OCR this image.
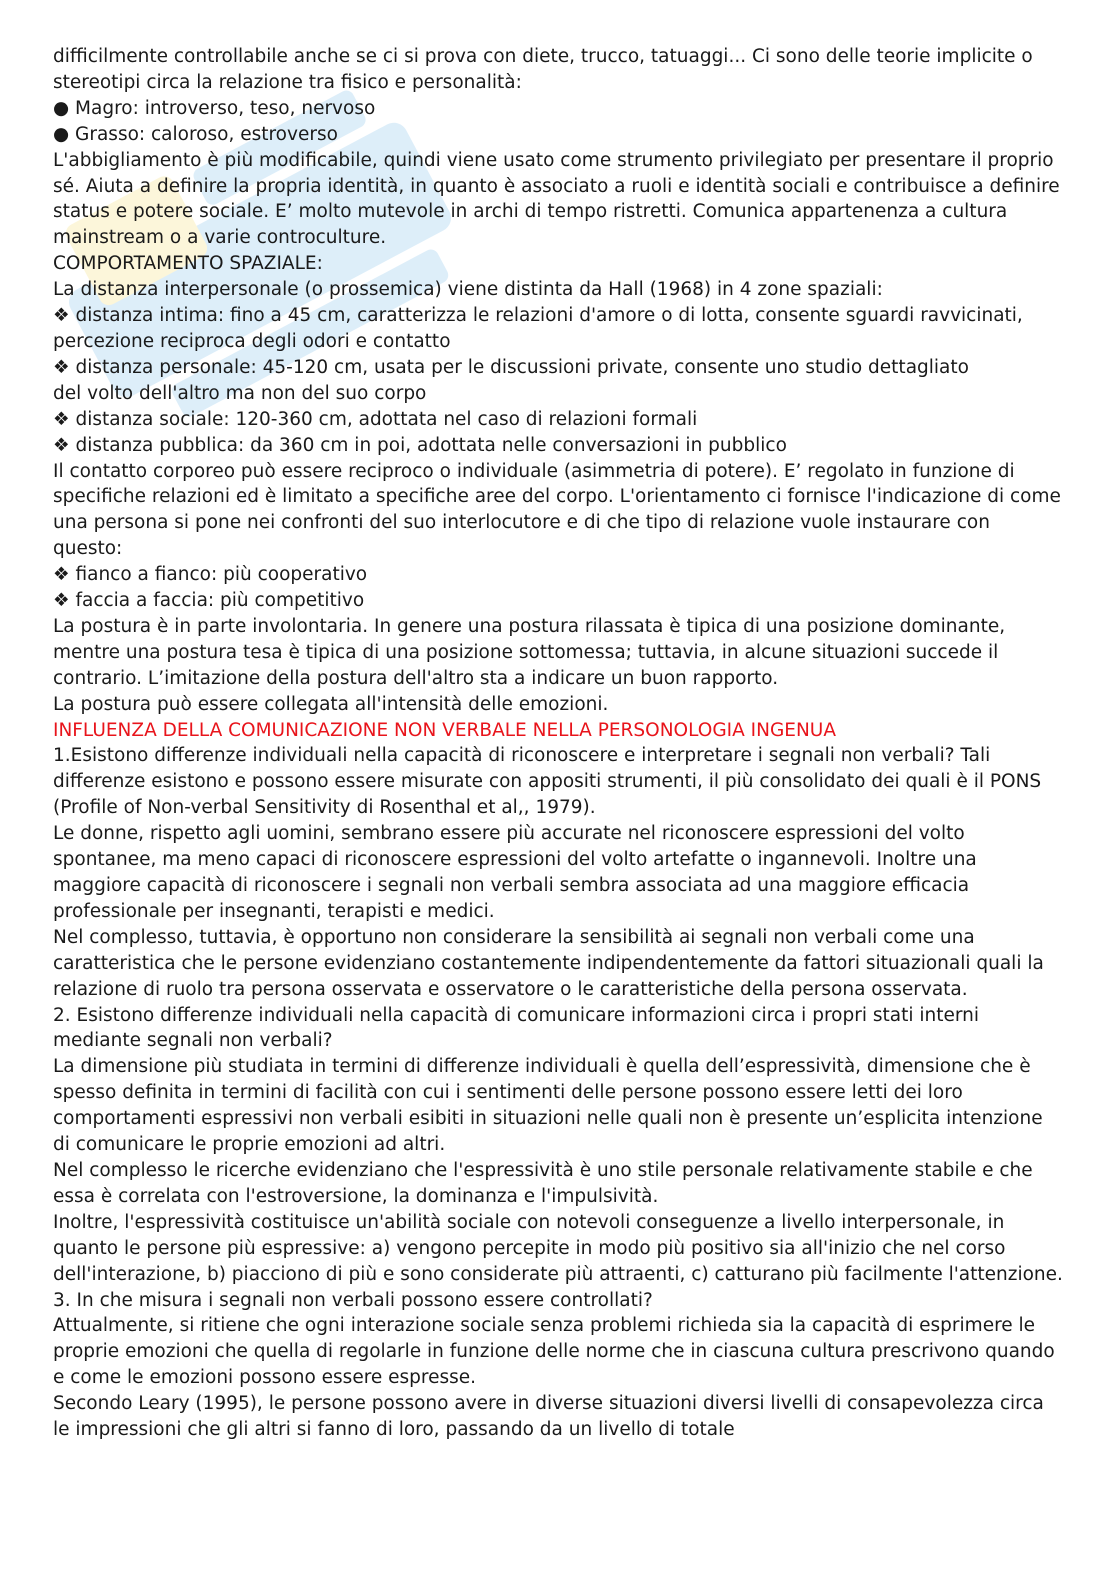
difficilmente controllabile anche se ci si prova con diete, trucco, tatuaggi... Ci sono delle teorie implicite o stereotipi circa la relazione tra fisico e personalità:

● Magro: introverso, teso, nervoso

● Grasso: caloroso, estroverso

L'abbigliamento è più modificabile, quindi viene usato come strumento privilegiato per presentare il proprio sé. Aiuta a definire la propria identità, in quanto è associato a ruoli e identità sociali e contribuisce a definire status e potere sociale. E’ molto mutevole in archi di tempo ristretti. Comunica appartenenza a cultura mainstream o a varie controculture.

COMPORTAMENTO SPAZIALE:

La distanza interpersonale (o prossemica) viene distinta da Hall (1968) in 4 zone spaziali:

❖ distanza intima: fino a 45 cm, caratterizza le relazioni d'amore o di lotta, consente sguardi ravvicinati, percezione reciproca degli odori e contatto

❖ distanza personale: 45-120 cm, usata per le discussioni private, consente uno studio dettagliato

del volto dell'altro ma non del suo corpo

❖ distanza sociale: 120-360 cm, adottata nel caso di relazioni formali

❖ distanza pubblica: da 360 cm in poi, adottata nelle conversazioni in pubblico

Il contatto corporeo può essere reciproco o individuale (asimmetria di potere). E’ regolato in funzione di specifiche relazioni ed è limitato a specifiche aree del corpo. L'orientamento ci fornisce l'indicazione di come una persona si pone nei confronti del suo interlocutore e di che tipo di relazione vuole instaurare con questo:

❖ fianco a fianco: più cooperativo

❖ faccia a faccia: più competitivo

La postura è in parte involontaria. In genere una postura rilassata è tipica di una posizione dominante, mentre una postura tesa è tipica di una posizione sottomessa; tuttavia, in alcune situazioni succede il contrario. L’imitazione della postura dell'altro sta a indicare un buon rapporto.

La postura può essere collegata all'intensità delle emozioni.

INFLUENZA DELLA COMUNICAZIONE NON VERBALE NELLA PERSONOLOGIA INGENUA

1.Esistono differenze individuali nella capacità di riconoscere e interpretare i segnali non verbali? Tali differenze esistono e possono essere misurate con appositi strumenti, il più consolidato dei quali è il PONS (Profile of Non-verbal Sensitivity di Rosenthal et al,, 1979).

Le donne, rispetto agli uomini, sembrano essere più accurate nel riconoscere espressioni del volto spontanee, ma meno capaci di riconoscere espressioni del volto artefatte o ingannevoli. Inoltre una maggiore capacità di riconoscere i segnali non verbali sembra associata ad una maggiore efficacia professionale per insegnanti, terapisti e medici.

Nel complesso, tuttavia, è opportuno non considerare la sensibilità ai segnali non verbali come una caratteristica che le persone evidenziano costantemente indipendentemente da fattori situazionali quali la relazione di ruolo tra persona osservata e osservatore o le caratteristiche della persona osservata.

2. Esistono differenze individuali nella capacità di comunicare informazioni circa i propri stati interni mediante segnali non verbali?

La dimensione più studiata in termini di differenze individuali è quella dell’espressività, dimensione che è spesso definita in termini di facilità con cui i sentimenti delle persone possono essere letti dei loro comportamenti espressivi non verbali esibiti in situazioni nelle quali non è presente un’esplicita intenzione di comunicare le proprie emozioni ad altri.

Nel complesso le ricerche evidenziano che l'espressività è uno stile personale relativamente stabile e che essa è correlata con l'estroversione, la dominanza e l'impulsività.

Inoltre, l'espressività costituisce un'abilità sociale con notevoli conseguenze a livello interpersonale, in quanto le persone più espressive: a) vengono percepite in modo più positivo sia all'inizio che nel corso dell'interazione, b) piacciono di più e sono considerate più attraenti, c) catturano più facilmente l'attenzione.

3. In che misura i segnali non verbali possono essere controllati?

Attualmente, si ritiene che ogni interazione sociale senza problemi richieda sia la capacità di esprimere le proprie emozioni che quella di regolarle in funzione delle norme che in ciascuna cultura prescrivono quando e come le emozioni possono essere espresse.

Secondo Leary (1995), le persone possono avere in diverse situazioni diversi livelli di consapevolezza circa le impressioni che gli altri si fanno di loro, passando da un livello di totale
